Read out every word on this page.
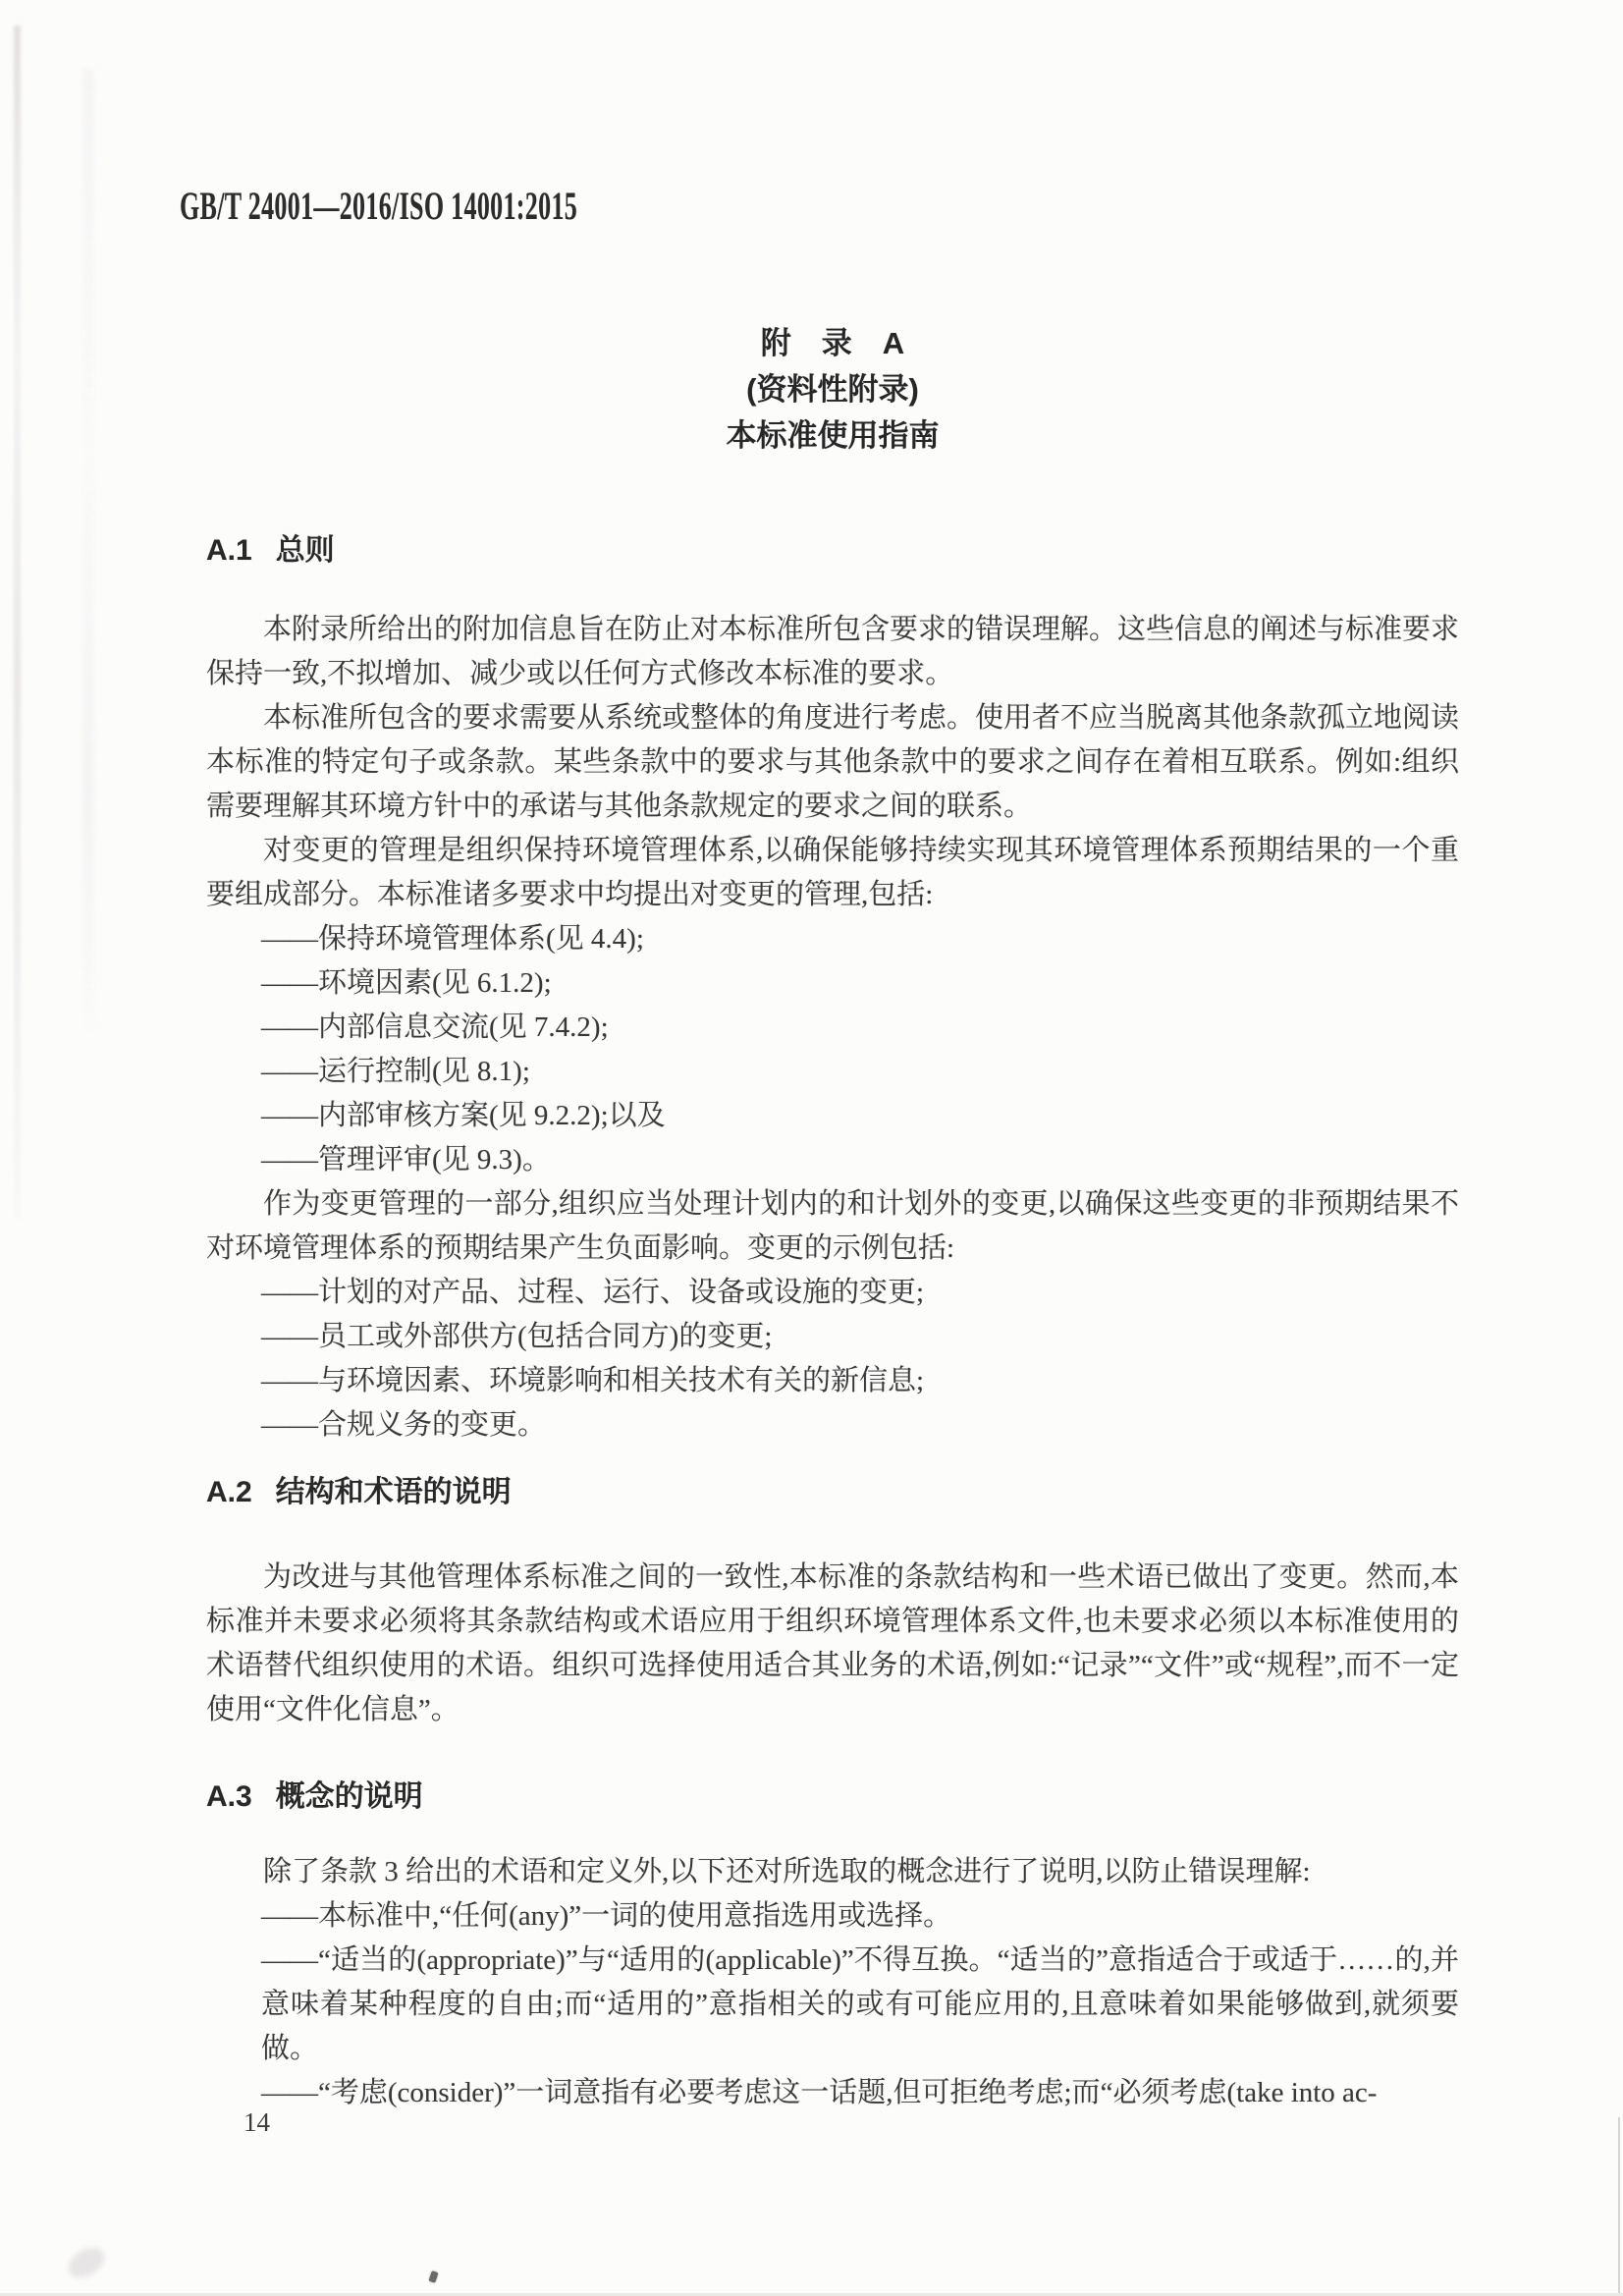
GB/T 24001—2016/ISO 14001:2015
附　录　A
(资料性附录)
本标准使用指南
A.1 总则

本附录所给出的附加信息旨在防止对本标准所包含要求的错误理解。这些信息的阐述与标准要求保持一致,不拟增加、减少或以任何方式修改本标准的要求。

本标准所包含的要求需要从系统或整体的角度进行考虑。使用者不应当脱离其他条款孤立地阅读本标准的特定句子或条款。某些条款中的要求与其他条款中的要求之间存在着相互联系。例如:组织需要理解其环境方针中的承诺与其他条款规定的要求之间的联系。

对变更的管理是组织保持环境管理体系,以确保能够持续实现其环境管理体系预期结果的一个重要组成部分。本标准诸多要求中均提出对变更的管理,包括:

——保持环境管理体系(见 4.4);
——环境因素(见 6.1.2);
——内部信息交流(见 7.4.2);
——运行控制(见 8.1);
——内部审核方案(见 9.2.2);以及
——管理评审(见 9.3)。

作为变更管理的一部分,组织应当处理计划内的和计划外的变更,以确保这些变更的非预期结果不对环境管理体系的预期结果产生负面影响。变更的示例包括:

——计划的对产品、过程、运行、设备或设施的变更;
——员工或外部供方(包括合同方)的变更;
——与环境因素、环境影响和相关技术有关的新信息;
——合规义务的变更。
A.2 结构和术语的说明

为改进与其他管理体系标准之间的一致性,本标准的条款结构和一些术语已做出了变更。然而,本标准并未要求必须将其条款结构或术语应用于组织环境管理体系文件,也未要求必须以本标准使用的术语替代组织使用的术语。组织可选择使用适合其业务的术语,例如:“记录”“文件”或“规程”,而不一定使用“文件化信息”。

A.3 概念的说明

除了条款 3 给出的术语和定义外,以下还对所选取的概念进行了说明,以防止错误理解:

——本标准中,“任何(any)”一词的使用意指选用或选择。
——“适当的(appropriate)”与“适用的(applicable)”不得互换。“适当的”意指适合于或适于……的,并意味着某种程度的自由;而“适用的”意指相关的或有可能应用的,且意味着如果能够做到,就须要做。
——“考虑(consider)”一词意指有必要考虑这一话题,但可拒绝考虑;而“必须考虑(take into ac-
14
